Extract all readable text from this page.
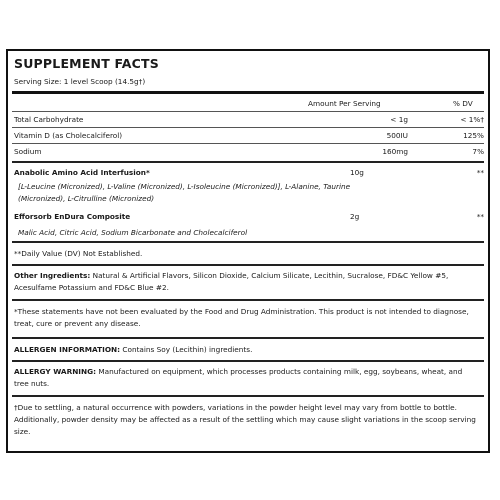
SUPPLEMENT FACTS
Serving Size: 1 level Scoop (14.5g†)
Amount Per Serving	% DV
Total Carbohydrate	< 1g	< 1%†
Vitamin D (as Cholecalciferol)	500IU	125%
Sodium	160mg	7%
Anabolic Amino Acid Interfusion*	10g	**
[L-Leucine (Micronized), L-Valine (Micronized), L-Isoleucine (Micronized)], L-Alanine, Taurine (Micronized), L-Citrulline (Micronized)
Efforsorb EnDura Composite	2g	**
Malic Acid, Citric Acid, Sodium Bicarbonate and Cholecalciferol
**Daily Value (DV) Not Established.
Other Ingredients: Natural & Artificial Flavors, Silicon Dioxide, Calcium Silicate, Lecithin, Sucralose, FD&C Yellow #5, Acesulfame Potassium and FD&C Blue #2.
*These statements have not been evaluated by the Food and Drug Administration. This product is not intended to diagnose, treat, cure or prevent any disease.
ALLERGEN INFORMATION: Contains Soy (Lecithin) ingredients.
ALLERGY WARNING: Manufactured on equipment, which processes products containing milk, egg, soybeans, wheat, and tree nuts.
†Due to settling, a natural occurrence with powders, variations in the powder height level may vary from bottle to bottle. Additionally, powder density may be affected as a result of the settling which may cause slight variations in the scoop serving size.
